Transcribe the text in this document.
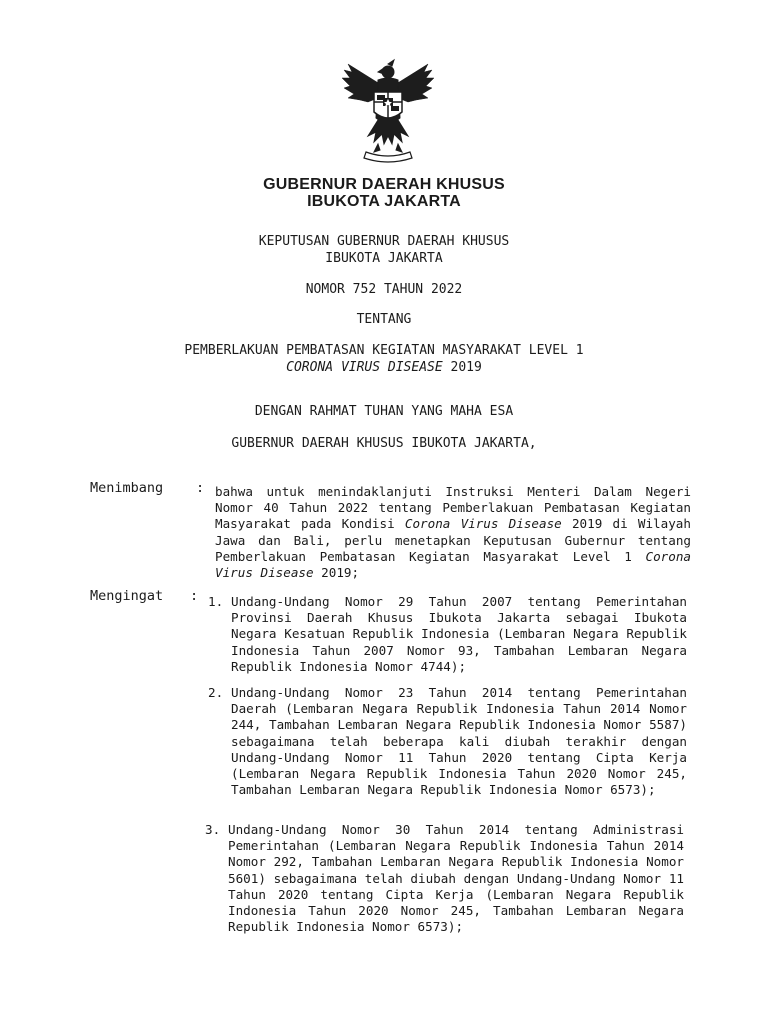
GUBERNUR DAERAH KHUSUS
IBUKOTA JAKARTA
KEPUTUSAN GUBERNUR DAERAH KHUSUS
IBUKOTA JAKARTA
NOMOR 752 TAHUN 2022
TENTANG
PEMBERLAKUAN PEMBATASAN KEGIATAN MASYARAKAT LEVEL 1
CORONA VIRUS DISEASE 2019
DENGAN RAHMAT TUHAN YANG MAHA ESA
GUBERNUR DAERAH KHUSUS IBUKOTA JAKARTA,
Menimbang : bahwa untuk menindaklanjuti Instruksi Menteri Dalam Negeri Nomor 40 Tahun 2022 tentang Pemberlakuan Pembatasan Kegiatan Masyarakat pada Kondisi Corona Virus Disease 2019 di Wilayah Jawa dan Bali, perlu menetapkan Keputusan Gubernur tentang Pemberlakuan Pembatasan Kegiatan Masyarakat Level 1 Corona Virus Disease 2019;
Mengingat : 1. Undang-Undang Nomor 29 Tahun 2007 tentang Pemerintahan Provinsi Daerah Khusus Ibukota Jakarta sebagai Ibukota Negara Kesatuan Republik Indonesia (Lembaran Negara Republik Indonesia Tahun 2007 Nomor 93, Tambahan Lembaran Negara Republik Indonesia Nomor 4744);
2. Undang-Undang Nomor 23 Tahun 2014 tentang Pemerintahan Daerah (Lembaran Negara Republik Indonesia Tahun 2014 Nomor 244, Tambahan Lembaran Negara Republik Indonesia Nomor 5587) sebagaimana telah beberapa kali diubah terakhir dengan Undang-Undang Nomor 11 Tahun 2020 tentang Cipta Kerja (Lembaran Negara Republik Indonesia Tahun 2020 Nomor 245, Tambahan Lembaran Negara Republik Indonesia Nomor 6573);
3. Undang-Undang Nomor 30 Tahun 2014 tentang Administrasi Pemerintahan (Lembaran Negara Republik Indonesia Tahun 2014 Nomor 292, Tambahan Lembaran Negara Republik Indonesia Nomor 5601) sebagaimana telah diubah dengan Undang-Undang Nomor 11 Tahun 2020 tentang Cipta Kerja (Lembaran Negara Republik Indonesia Tahun 2020 Nomor 245, Tambahan Lembaran Negara Republik Indonesia Nomor 6573);
